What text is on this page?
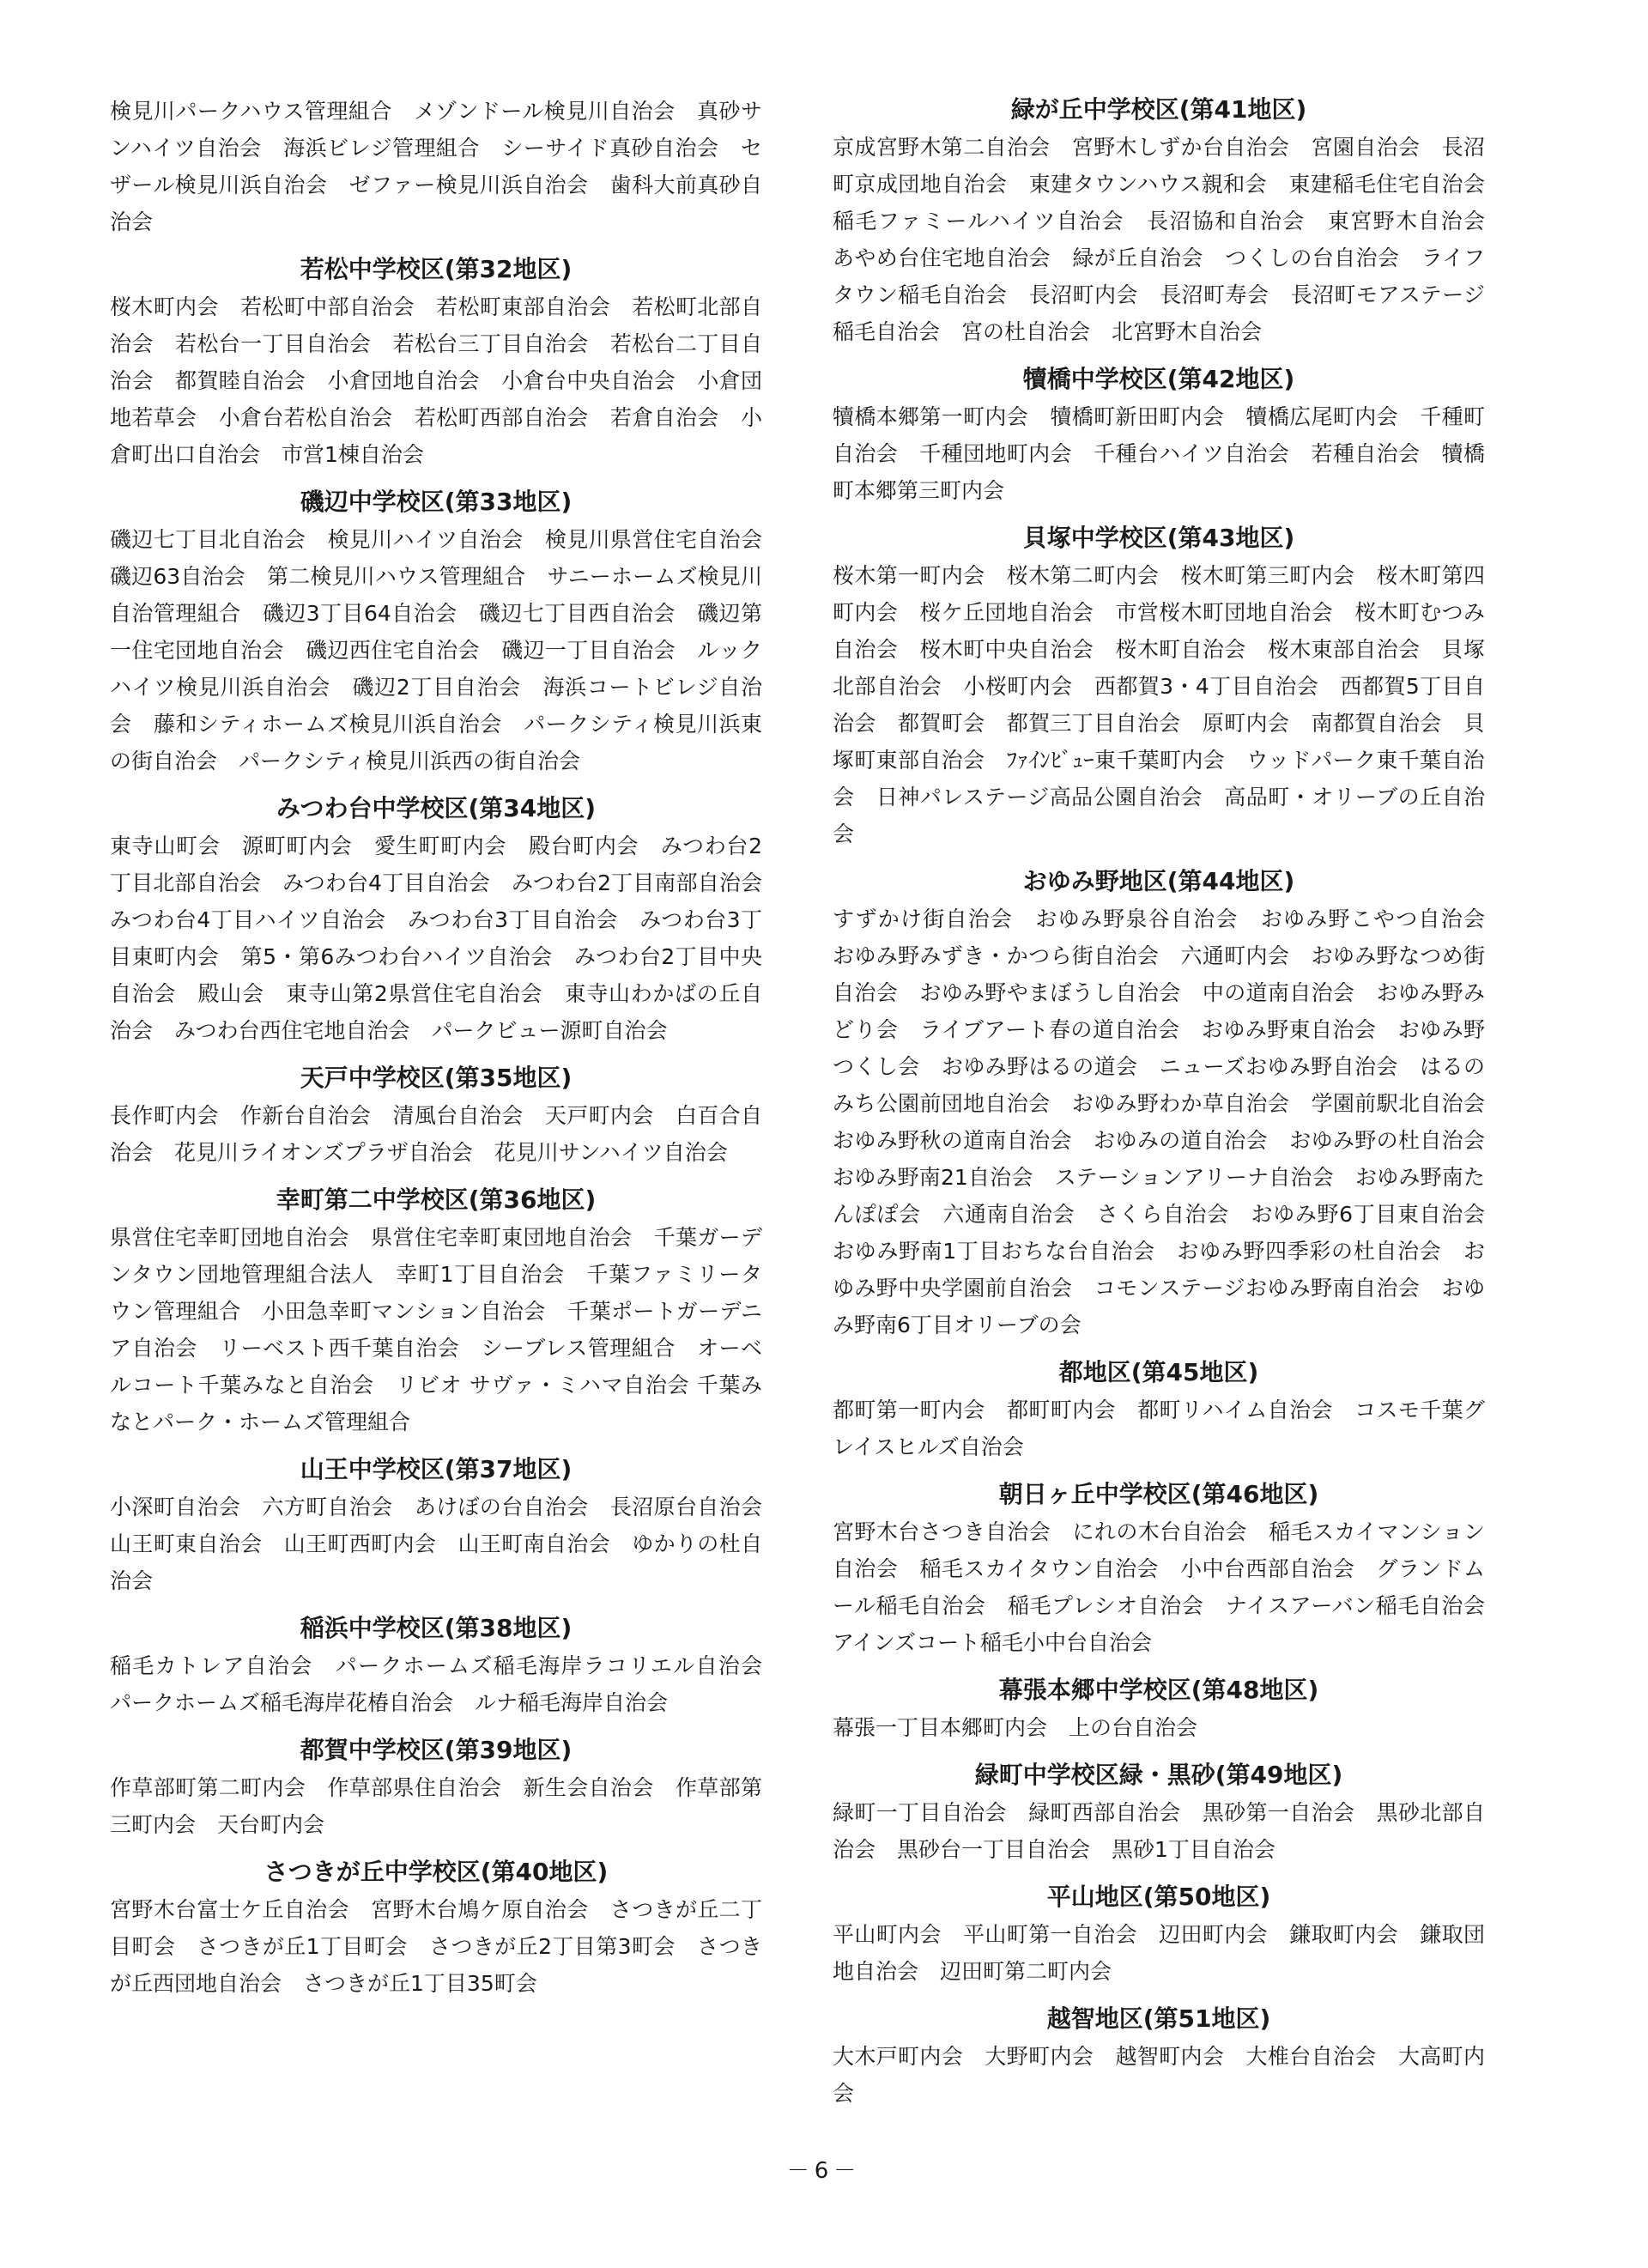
検見川パークハウス管理組合　メゾンドール検見川自治会　真砂サンハイツ自治会　海浜ビレジ管理組合　シーサイド真砂自治会　セザール検見川浜自治会　ゼファー検見川浜自治会　歯科大前真砂自治会
若松中学校区(第32地区)
桜木町内会　若松町中部自治会　若松町東部自治会　若松町北部自治会　若松台一丁目自治会　若松台三丁目自治会　若松台二丁目自治会　都賀睦自治会　小倉団地自治会　小倉台中央自治会　小倉団地若草会　小倉台若松自治会　若松町西部自治会　若倉自治会　小倉町出口自治会　市営1棟自治会
磯辺中学校区(第33地区)
磯辺七丁目北自治会　検見川ハイツ自治会　検見川県営住宅自治会　磯辺63自治会　第二検見川ハウス管理組合　サニーホームズ検見川自治管理組合　磯辺3丁目64自治会　磯辺七丁目西自治会　磯辺第一住宅団地自治会　磯辺西住宅自治会　磯辺一丁目自治会　ルックハイツ検見川浜自治会　磯辺2丁目自治会　海浜コートビレジ自治会　藤和シティホームズ検見川浜自治会　パークシティ検見川浜東の街自治会　パークシティ検見川浜西の街自治会
みつわ台中学校区(第34地区)
東寺山町会　源町町内会　愛生町町内会　殿台町内会　みつわ台2丁目北部自治会　みつわ台4丁目自治会　みつわ台2丁目南部自治会　みつわ台4丁目ハイツ自治会　みつわ台3丁目自治会　みつわ台3丁目東町内会　第5・第6みつわ台ハイツ自治会　みつわ台2丁目中央自治会　殿山会　東寺山第2県営住宅自治会　東寺山わかばの丘自治会　みつわ台西住宅地自治会　パークビュー源町自治会
天戸中学校区(第35地区)
長作町内会　作新台自治会　清風台自治会　天戸町内会　白百合自治会　花見川ライオンズプラザ自治会　花見川サンハイツ自治会
幸町第二中学校区(第36地区)
県営住宅幸町団地自治会　県営住宅幸町東団地自治会　千葉ガーデンタウン団地管理組合法人　幸町1丁目自治会　千葉ファミリータウン管理組合　小田急幸町マンション自治会　千葉ポートガーデニア自治会　リーベスト西千葉自治会　シーブレス管理組合　オーベルコート千葉みなと自治会　リビオ サヴァ・ミハマ自治会 千葉みなとパーク・ホームズ管理組合
山王中学校区(第37地区)
小深町自治会　六方町自治会　あけぼの台自治会　長沼原台自治会　山王町東自治会　山王町西町内会　山王町南自治会　ゆかりの杜自治会
稲浜中学校区(第38地区)
稲毛カトレア自治会　パークホームズ稲毛海岸ラコリエル自治会　パークホームズ稲毛海岸花椿自治会　ルナ稲毛海岸自治会
都賀中学校区(第39地区)
作草部町第二町内会　作草部県住自治会　新生会自治会　作草部第三町内会　天台町内会
さつきが丘中学校区(第40地区)
宮野木台富士ケ丘自治会　宮野木台鳩ケ原自治会　さつきが丘二丁目町会　さつきが丘1丁目町会　さつきが丘2丁目第3町会　さつきが丘西団地自治会　さつきが丘1丁目35町会
緑が丘中学校区(第41地区)
京成宮野木第二自治会　宮野木しずか台自治会　宮園自治会　長沼町京成団地自治会　東建タウンハウス親和会　東建稲毛住宅自治会　稲毛ファミールハイツ自治会　長沼協和自治会　東宮野木自治会　あやめ台住宅地自治会　緑が丘自治会　つくしの台自治会　ライフタウン稲毛自治会　長沼町内会　長沼町寿会　長沼町モアステージ稲毛自治会　宮の杜自治会　北宮野木自治会
犢橋中学校区(第42地区)
犢橋本郷第一町内会　犢橋町新田町内会　犢橋広尾町内会　千種町自治会　千種団地町内会　千種台ハイツ自治会　若種自治会　犢橋町本郷第三町内会
貝塚中学校区(第43地区)
桜木第一町内会　桜木第二町内会　桜木町第三町内会　桜木町第四町内会　桜ケ丘団地自治会　市営桜木町団地自治会　桜木町むつみ自治会　桜木町中央自治会　桜木町自治会　桜木東部自治会　貝塚北部自治会　小桜町内会　西都賀3・4丁目自治会　西都賀5丁目自治会　都賀町会　都賀三丁目自治会　原町内会　南都賀自治会　貝塚町東部自治会　ﾌｧｲﾝﾋﾞｭｰ東千葉町内会　ウッドパーク東千葉自治会　日神パレステージ高品公園自治会　高品町・オリーブの丘自治会
おゆみ野地区(第44地区)
すずかけ街自治会　おゆみ野泉谷自治会　おゆみ野こやつ自治会　おゆみ野みずき・かつら街自治会　六通町内会　おゆみ野なつめ街自治会　おゆみ野やまぼうし自治会　中の道南自治会　おゆみ野みどり会　ライブアート春の道自治会　おゆみ野東自治会　おゆみ野つくし会　おゆみ野はるの道会　ニューズおゆみ野自治会　はるのみち公園前団地自治会　おゆみ野わか草自治会　学園前駅北自治会　おゆみ野秋の道南自治会　おゆみの道自治会　おゆみ野の杜自治会　おゆみ野南21自治会　ステーションアリーナ自治会　おゆみ野南たんぽぽ会　六通南自治会　さくら自治会　おゆみ野6丁目東自治会　おゆみ野南1丁目おちな台自治会　おゆみ野四季彩の杜自治会　おゆみ野中央学園前自治会　コモンステージおゆみ野南自治会　おゆみ野南6丁目オリーブの会
都地区(第45地区)
都町第一町内会　都町町内会　都町リハイム自治会　コスモ千葉グレイスヒルズ自治会
朝日ヶ丘中学校区(第46地区)
宮野木台さつき自治会　にれの木台自治会　稲毛スカイマンション自治会　稲毛スカイタウン自治会　小中台西部自治会　グランドムール稲毛自治会　稲毛プレシオ自治会　ナイスアーバン稲毛自治会　アインズコート稲毛小中台自治会
幕張本郷中学校区(第48地区)
幕張一丁目本郷町内会　上の台自治会
緑町中学校区緑・黒砂(第49地区)
緑町一丁目自治会　緑町西部自治会　黒砂第一自治会　黒砂北部自治会　黒砂台一丁目自治会　黒砂1丁目自治会
平山地区(第50地区)
平山町内会　平山町第一自治会　辺田町内会　鎌取町内会　鎌取団地自治会　辺田町第二町内会
越智地区(第51地区)
大木戸町内会　大野町内会　越智町内会　大椎台自治会　大高町内会
－6－
